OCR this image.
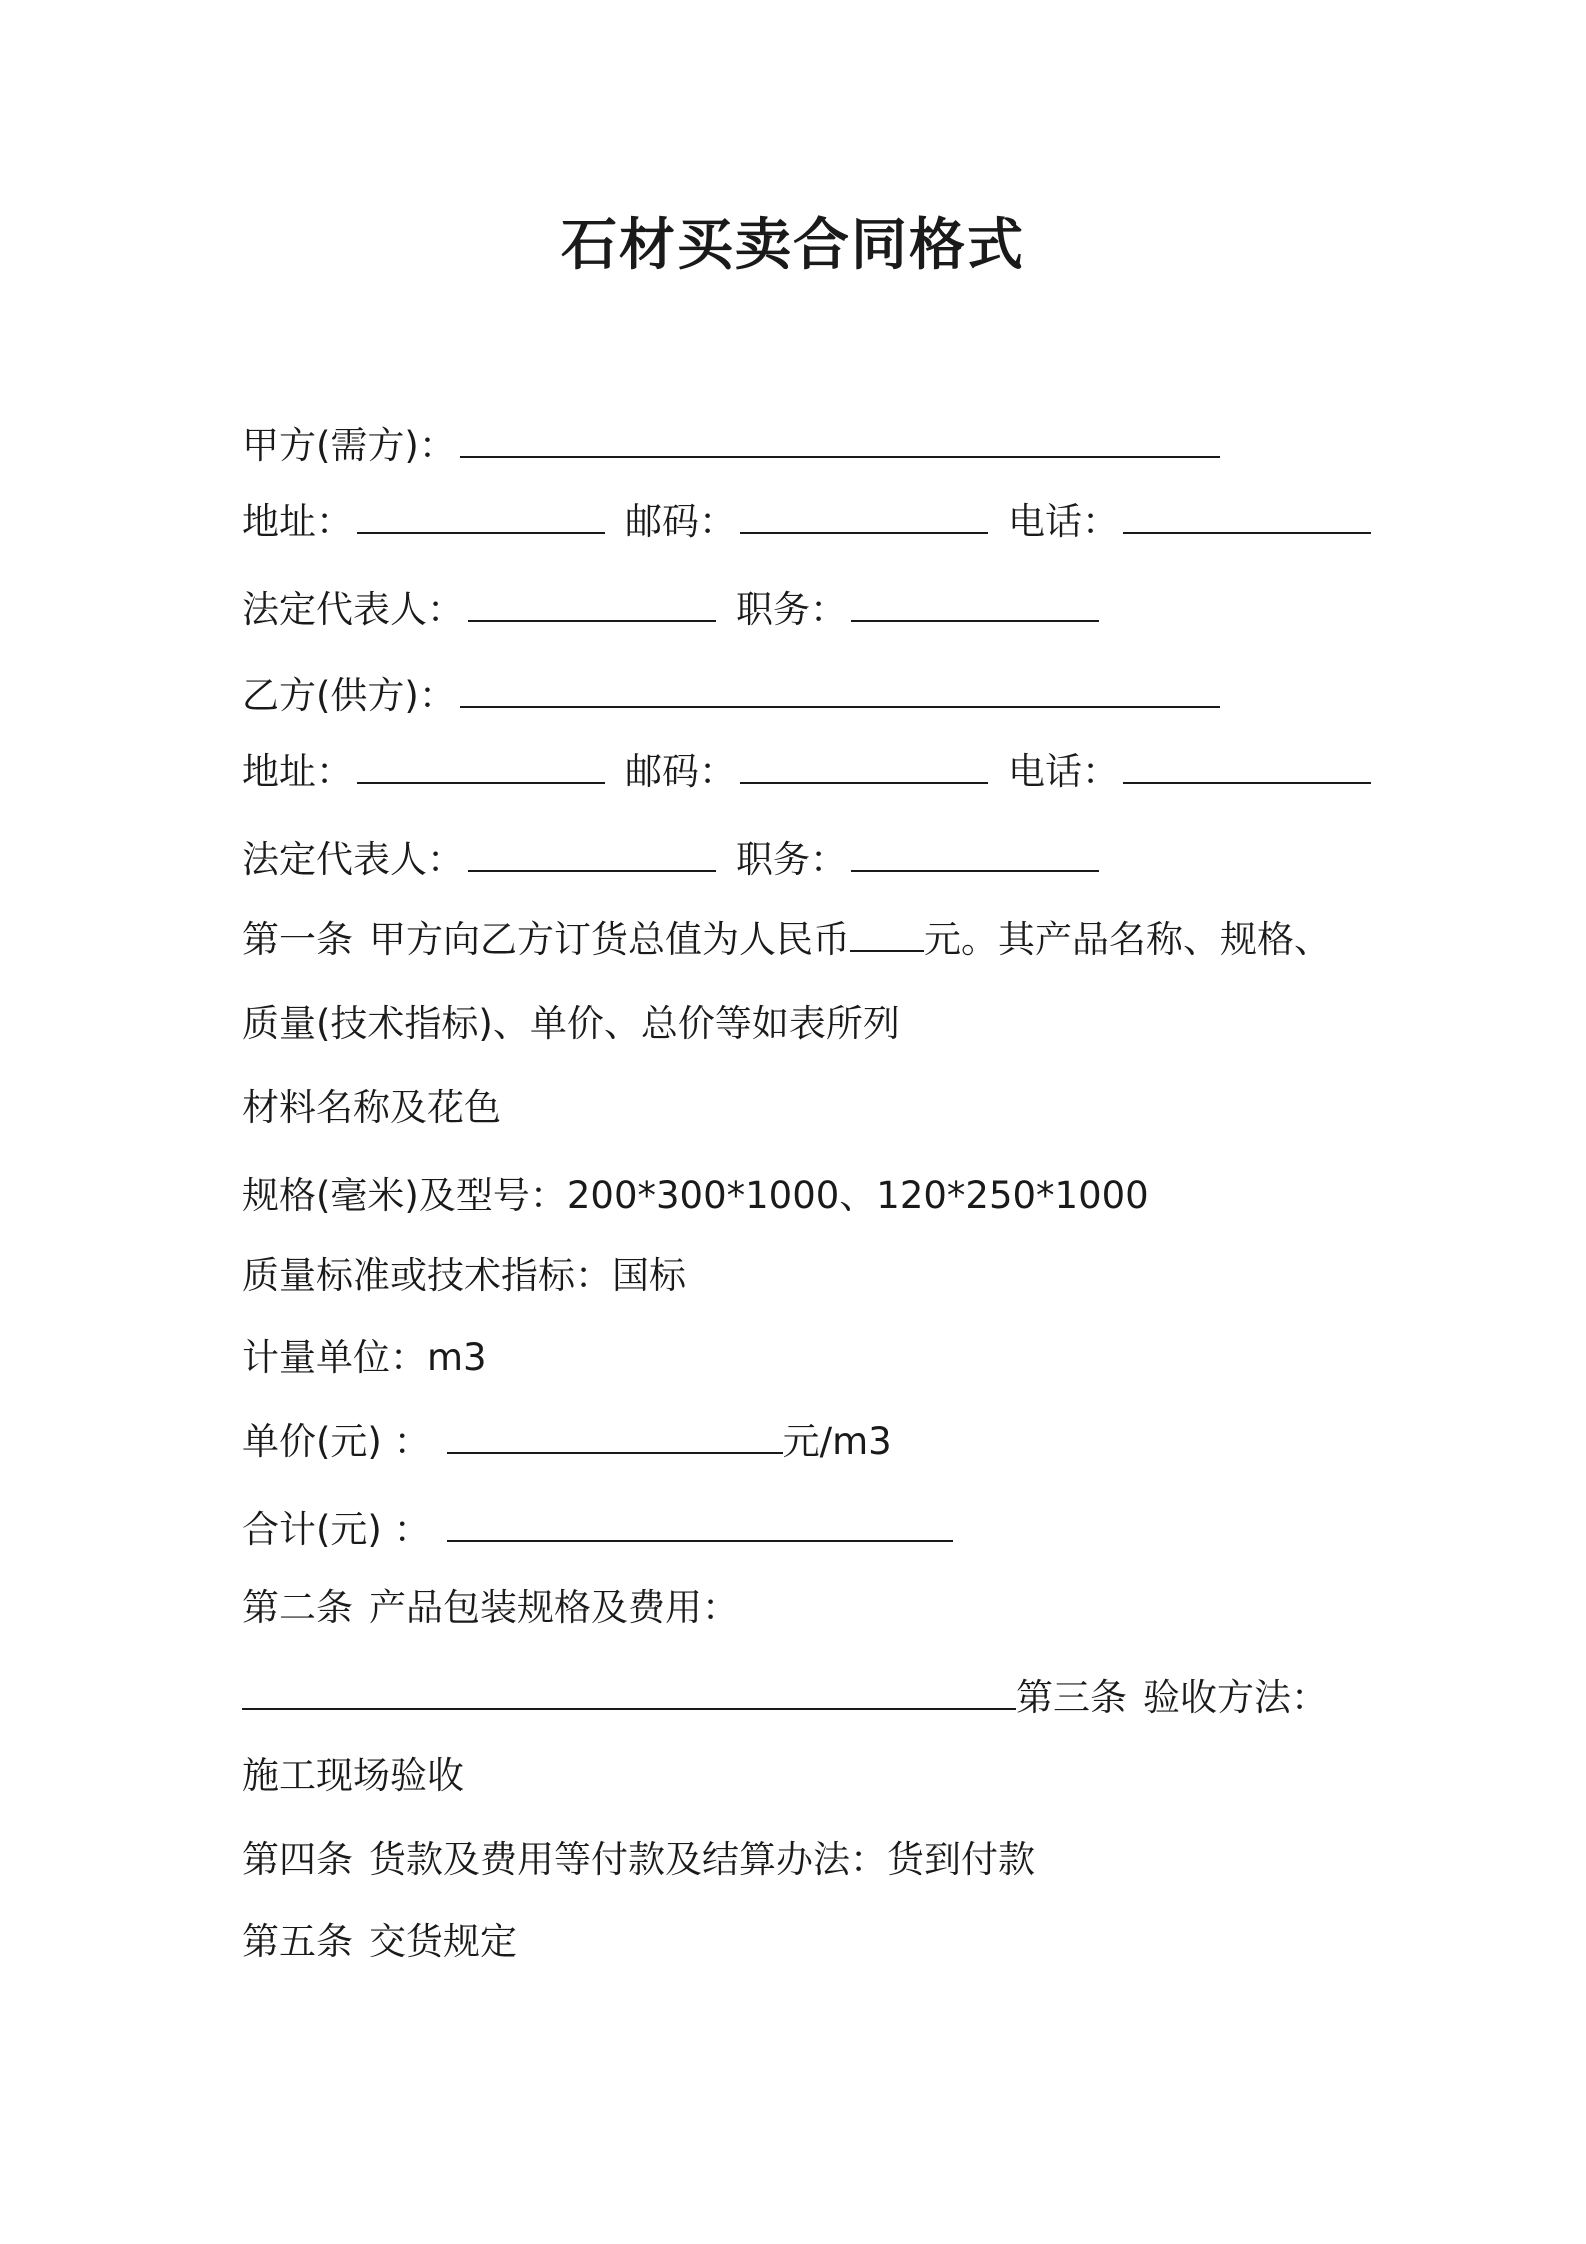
石材买卖合同格式
甲方(需方)：
地址：	邮码：	电话：
法定代表人：	职务：
乙方(供方)：
地址：	邮码：	电话：
法定代表人：	职务：
第一条 甲方向乙方订货总值为人民币 元。其产品名称、规格、
质量(技术指标)、单价、总价等如表所列
材料名称及花色
规格(毫米)及型号：200*300*1000、120*250*1000
质量标准或技术指标：国标
计量单位：m3
单价(元) ：	元/m3
合计(元) ：
第二条 产品包装规格及费用：
第三条 验收方法：
施工现场验收
第四条 货款及费用等付款及结算办法：货到付款
第五条 交货规定
